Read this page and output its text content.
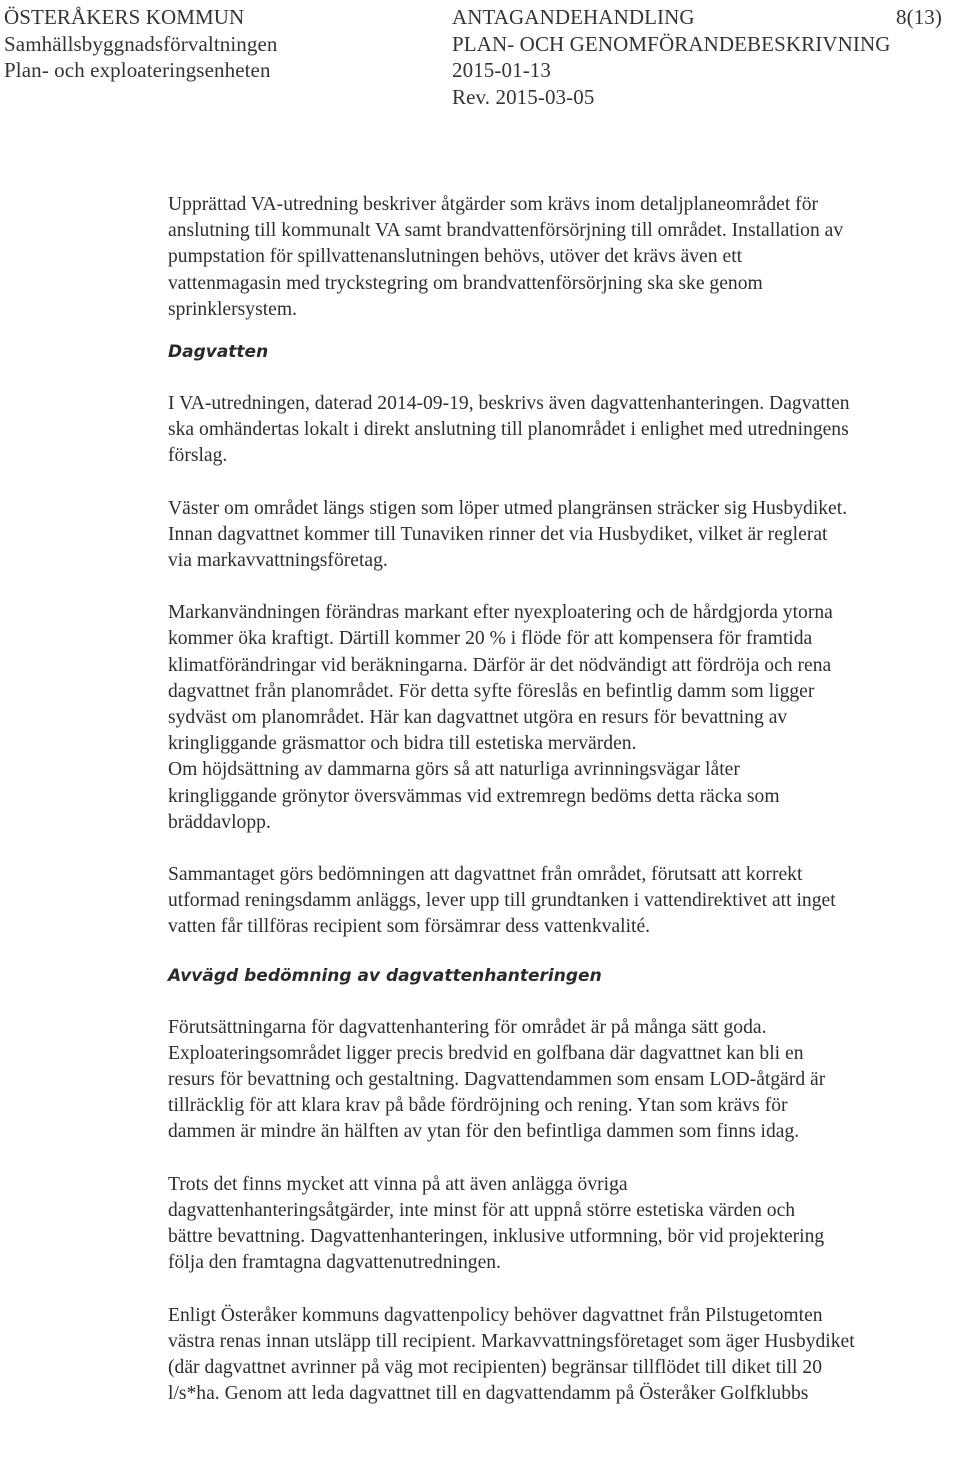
ÖSTERÅKERS KOMMUN
Samhällsbyggnadsförvaltningen
Plan- och exploateringsenheten
ANTAGANDEHANDLING	8(13)
PLAN- OCH GENOMFÖRANDEBESKRIVNING
2015-01-13
Rev. 2015-03-05

Upprättad VA-utredning beskriver åtgärder som krävs inom detaljplaneområdet för
anslutning till kommunalt VA samt brandvattenförsörjning till området. Installation av
pumpstation för spillvattenanslutningen behövs, utöver det krävs även ett
vattenmagasin med tryckstegring om brandvattenförsörjning ska ske genom
sprinklersystem.

Dagvatten

I VA-utredningen, daterad 2014-09-19, beskrivs även dagvattenhanteringen. Dagvatten
ska omhändertas lokalt i direkt anslutning till planområdet i enlighet med utredningens
förslag.

Väster om området längs stigen som löper utmed plangränsen sträcker sig Husbydiket.
Innan dagvattnet kommer till Tunaviken rinner det via Husbydiket, vilket är reglerat
via markavvattningsföretag.

Markanvändningen förändras markant efter nyexploatering och de hårdgjorda ytorna
kommer öka kraftigt. Därtill kommer 20 % i flöde för att kompensera för framtida
klimatförändringar vid beräkningarna. Därför är det nödvändigt att fördröja och rena
dagvattnet från planområdet. För detta syfte föreslås en befintlig damm som ligger
sydväst om planområdet. Här kan dagvattnet utgöra en resurs för bevattning av
kringliggande gräsmattor och bidra till estetiska mervärden.
Om höjdsättning av dammarna görs så att naturliga avrinningsvägar låter
kringliggande grönytor översvämmas vid extremregn bedöms detta räcka som
bräddavlopp.

Sammantaget görs bedömningen att dagvattnet från området, förutsatt att korrekt
utformad reningsdamm anläggs, lever upp till grundtanken i vattendirektivet att inget
vatten får tillföras recipient som försämrar dess vattenkvalité.

Avvägd bedömning av dagvattenhanteringen

Förutsättningarna för dagvattenhantering för området är på många sätt goda.
Exploateringsområdet ligger precis bredvid en golfbana där dagvattnet kan bli en
resurs för bevattning och gestaltning. Dagvattendammen som ensam LOD-åtgärd är
tillräcklig för att klara krav på både fördröjning och rening. Ytan som krävs för
dammen är mindre än hälften av ytan för den befintliga dammen som finns idag.

Trots det finns mycket att vinna på att även anlägga övriga
dagvattenhanteringsåtgärder, inte minst för att uppnå större estetiska värden och
bättre bevattning. Dagvattenhanteringen, inklusive utformning, bör vid projektering
följa den framtagna dagvattenutredningen.

Enligt Österåker kommuns dagvattenpolicy behöver dagvattnet från Pilstugetomten
västra renas innan utsläpp till recipient. Markavvattningsföretaget som äger Husbydiket
(där dagvattnet avrinner på väg mot recipienten) begränsar tillflödet till diket till 20
l/s*ha. Genom att leda dagvattnet till en dagvattendamm på Österåker Golfklubbs
